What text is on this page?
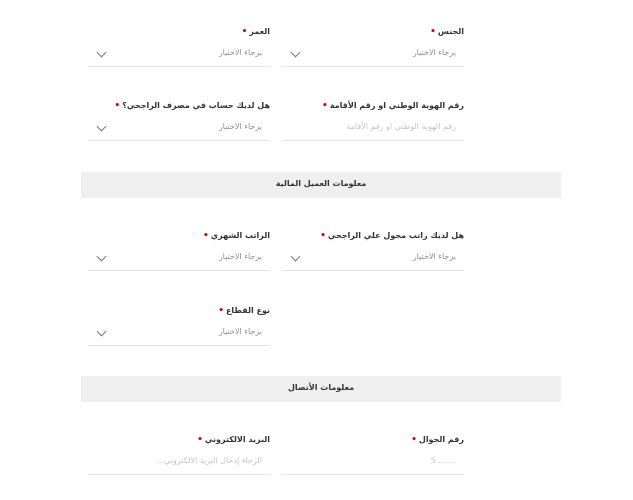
الجنس•
يرجاء الاختيار
العمر•
يرجاء الاختيار
رقم الهوية الوطني او رقم الأقامة•
رقم الهوية الوطني او رقم الأقامة
هل لديك حساب في مصرف الراجحي؟•
يرجاء الاختيار
معلومات العميل المالية
هل لديك راتب محول علي الراجحي•
يرجاء الاختيار
الراتب الشهري•
يرجاء الاختيار
نوع القطاع•
يرجاء الاختيار
معلومات الأتصال
رقم الجوال•
........5
البريد الالكتروني•
الرجاء إدخال البريد الالكتروني...
